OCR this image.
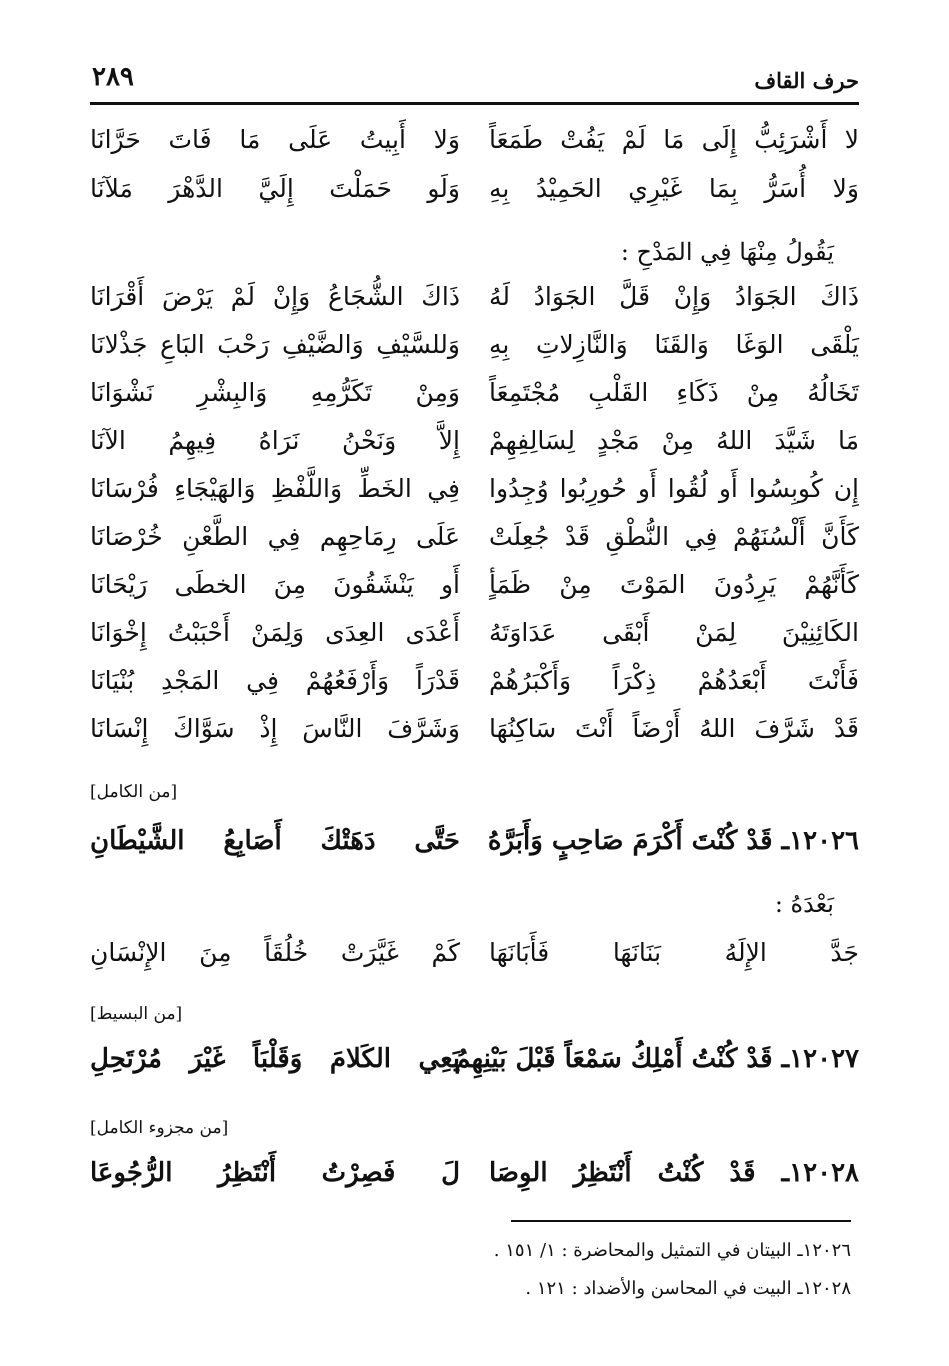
حرف القاف
٢٨٩
لا أَشْرَئِبُّ إِلَى مَا لَمْ يَفُتْ طَمَعَاً
وَلا أَبِيتُ عَلَى مَا فَاتَ حَرَّانَا
وَلا أُسَرُّ بِمَا غَيْرِي الحَمِيْدُ بِهِ
وَلَو حَمَلْتَ إِلَيَّ الدَّهْرَ مَلآنَا
يَقُولُ مِنْهَا فِي المَدْحِ :
ذَاكَ الجَوَادُ وَإِنْ قَلَّ الجَوَادُ لَهُ
ذَاكَ الشُّجَاعُ وَإِنْ لَمْ يَرْضَ أَقْرَانَا
يَلْقَى الوَغَا وَالقَنَا وَالنَّازِلاتِ بِهِ
وَللسَّيْفِ وَالضَّيْفِ رَحْبَ البَاعِ جَذْلانَا
تَخَالُهُ مِنْ ذَكَاءِ القَلْبِ مُجْتَمِعَاً
وَمِنْ تَكَرُّمِهِ وَالبِشْرِ نَشْوَانَا
مَا شَيَّدَ اللهُ مِنْ مَجْدٍ لِسَالِفِهِمْ
إِلاَّ وَنَحْنُ نَرَاهُ فِيهِمُ الآنَا
إِن كُوبِسُوا أَو لُقُوا أَو حُورِبُوا وُجِدُوا
فِي الخَطِّ وَاللَّفْظِ وَالهَيْجَاءِ فُرْسَانَا
كَأَنَّ أَلْسُنَهُمْ فِي النُّطْقِ قَدْ جُعِلَتْ
عَلَى رِمَاحِهِم فِي الطَّعْنِ خُرْصَانَا
كَأَنَّهُمْ يَرِدُونَ المَوْتَ مِنْ ظَمَأٍ
أَو يَنْشَقُونَ مِنَ الخطَى رَيْحَانَا
الكَائِنِيْنَ لِمَنْ أَبْقَى عَدَاوَتَهُ
أَعْدَى العِدَى وَلِمَنْ أَحْبَبْتُ إِخْوَانَا
فَأَنْتَ أَبْعَدُهُمْ ذِكْرَاً وَأَكْبَرُهُمْ
قَدْرَاً وَأَرْفَعُهُمْ فِي المَجْدِ بُنْيَانَا
قَدْ شَرَّفَ اللهُ أَرْضَاً أَنْتَ سَاكِنُهَا
وَشَرَّفَ النَّاسَ إِذْ سَوَّاكَ إِنْسَانَا
[من الكامل]
١٢٠٢٦ـ قَدْ كُنْتَ أَكْرَمَ صَاحِبٍ وَأَبَرَّهُ
حَتَّى دَهَتْكَ أَصَابِعُ الشَّيْطَانِ
بَعْدَهُ :
جَدَّ الإِلَهُ بَنَانَهَا فَأَبَانَهَا
كَمْ غَيَّرَتْ خُلُقَاً مِنَ الإِنْسَانِ
[من البسيط]
١٢٠٢٧ـ قَدْ كُنْتُ أَمْلِكُ سَمْعَاً قَبْلَ بَيْنِهِمُ
يَعِي الكَلامَ وَقَلْبَاً غَيْرَ مُرْتَحِلِ
[من مجزوء الكامل]
١٢٠٢٨ـ قَدْ كُنْتُ أَنْتَظِرُ الوِصَا
لَ فَصِرْتُ أَنْتَظِرُ الرُّجُوعَا
١٢٠٢٦ـ البيتان في التمثيل والمحاضرة : ١/ ١٥١ .
١٢٠٢٨ـ البيت في المحاسن والأضداد : ١٢١ .
